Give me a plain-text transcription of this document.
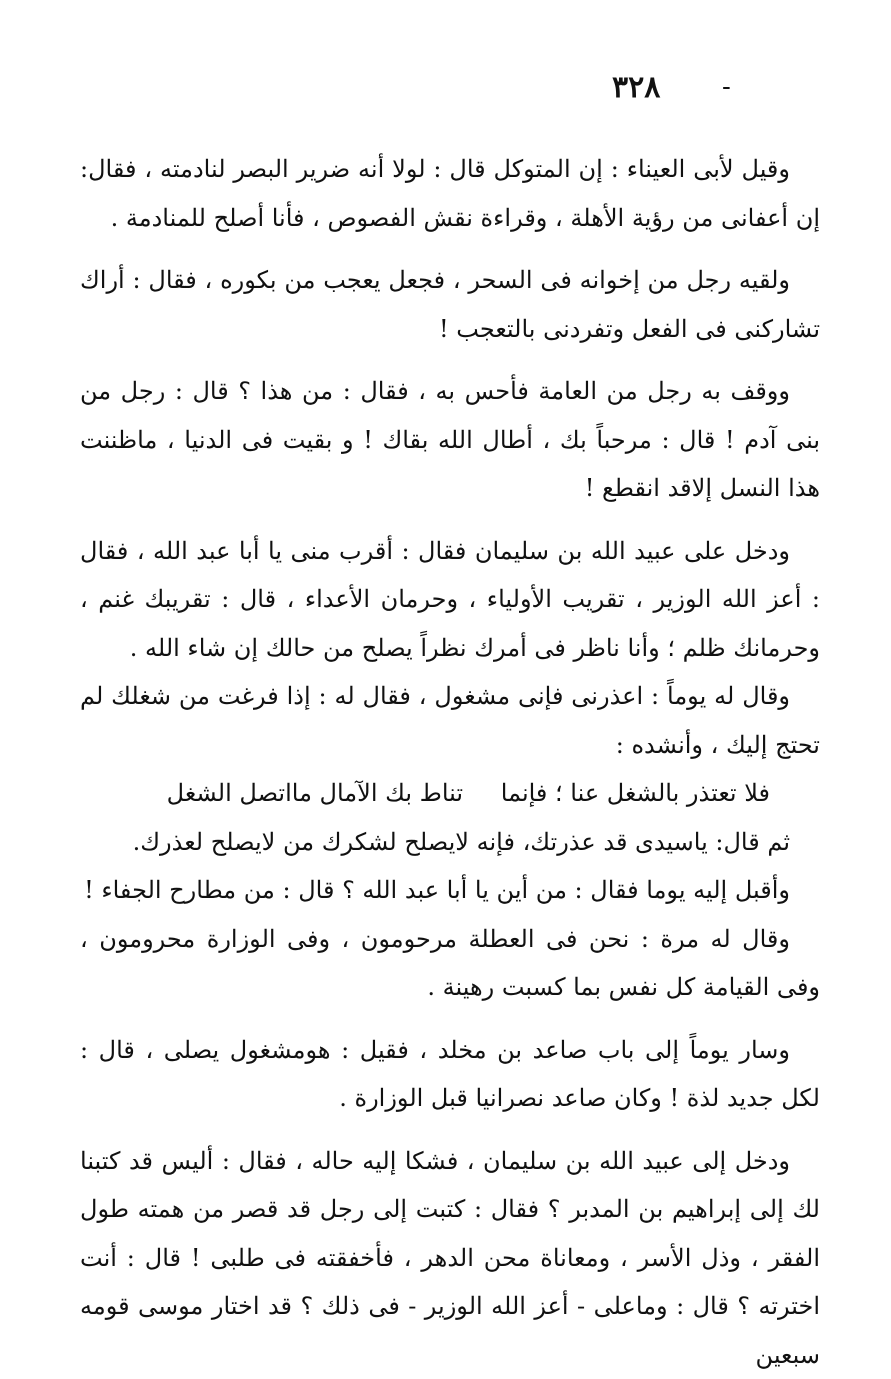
٣٢٨	-

وقيل لأبى العيناء : إن المتوكل قال : لولا أنه ضرير البصر لنادمته ، فقال: إن أعفانى من رؤية الأهلة ، وقراءة نقش الفصوص ، فأنا أصلح للمنادمة .

ولقيه رجل من إخوانه فى السحر ، فجعل يعجب من بكوره ، فقال : أراك تشاركنى فى الفعل وتفردنى بالتعجب !

ووقف به رجل من العامة فأحس به ، فقال : من هذا ؟ قال : رجل من بنى آدم ! قال : مرحباً بك ، أطال الله بقاك ! و بقيت فى الدنيا ، ماظننت هذا النسل إلاقد انقطع !

ودخل على عبيد الله بن سليمان فقال : أقرب منى يا أبا عبد الله ، فقال : أعز الله الوزير ، تقريب الأولياء ، وحرمان الأعداء ، قال : تقريبك غنم ، وحرمانك ظلم ؛ وأنا ناظر فى أمرك نظراً يصلح من حالك إن شاء الله .

وقال له يوماً : اعذرنى فإنى مشغول ، فقال له : إذا فرغت من شغلك لم تحتج إليك ، وأنشده :

فلا تعتذر بالشغل عنا ؛ فإنما تناط بك الآمال مااتصل الشغل

ثم قال: ياسيدى قد عذرتك، فإنه لايصلح لشكرك من لايصلح لعذرك.

وأقبل إليه يوما فقال : من أين يا أبا عبد الله ؟ قال : من مطارح الجفاء !

وقال له مرة : نحن فى العطلة مرحومون ، وفى الوزارة محرومون ، وفى القيامة كل نفس بما كسبت رهينة .

وسار يوماً إلى باب صاعد بن مخلد ، فقيل : هومشغول يصلى ، قال : لكل جديد لذة ! وكان صاعد نصرانيا قبل الوزارة .

ودخل إلى عبيد الله بن سليمان ، فشكا إليه حاله ، فقال : أليس قد كتبنا لك إلى إبراهيم بن المدبر ؟ فقال : كتبت إلى رجل قد قصر من همته طول الفقر ، وذل الأسر ، ومعاناة محن الدهر ، فأخفقته فى طلبى ! قال : أنت اخترته ؟ قال : وماعلى - أعز الله الوزير - فى ذلك ؟ قد اختار موسى قومه سبعين
